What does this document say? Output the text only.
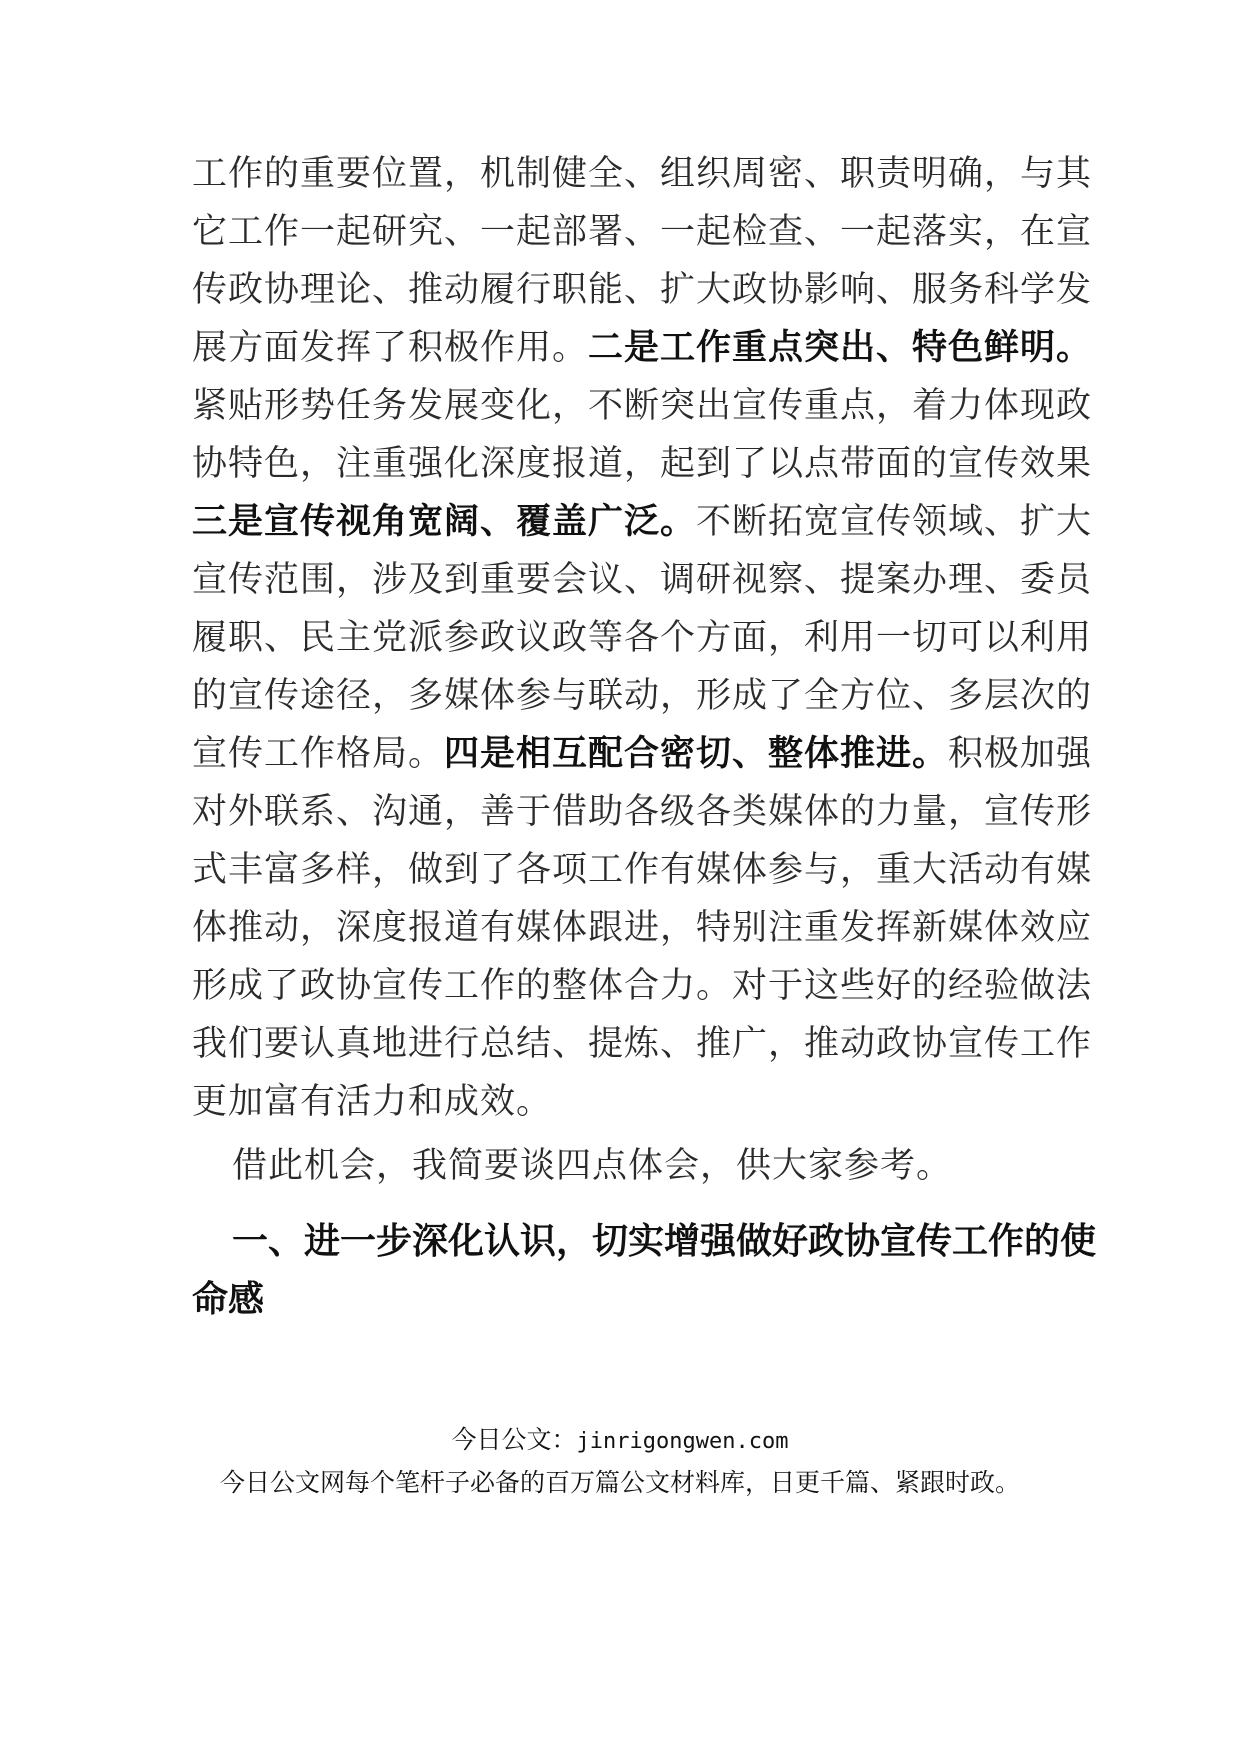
工作的重要位置，机制健全、组织周密、职责明确，与其
它工作一起研究、一起部署、一起检查、一起落实，在宣
传政协理论、推动履行职能、扩大政协影响、服务科学发
展方面发挥了积极作用。二是工作重点突出、特色鲜明。
紧贴形势任务发展变化，不断突出宣传重点，着力体现政
协特色，注重强化深度报道，起到了以点带面的宣传效果
三是宣传视角宽阔、覆盖广泛。不断拓宽宣传领域、扩大
宣传范围，涉及到重要会议、调研视察、提案办理、委员
履职、民主党派参政议政等各个方面，利用一切可以利用
的宣传途径，多媒体参与联动，形成了全方位、多层次的
宣传工作格局。四是相互配合密切、整体推进。积极加强
对外联系、沟通，善于借助各级各类媒体的力量，宣传形
式丰富多样，做到了各项工作有媒体参与，重大活动有媒
体推动，深度报道有媒体跟进，特别注重发挥新媒体效应
形成了政协宣传工作的整体合力。对于这些好的经验做法
我们要认真地进行总结、提炼、推广，推动政协宣传工作
更加富有活力和成效。
借此机会，我简要谈四点体会，供大家参考。
一、进一步深化认识，切实增强做好政协宣传工作的使
命感
今日公文：jinrigongwen.com
今日公文网每个笔杆子必备的百万篇公文材料库，日更千篇、紧跟时政。
